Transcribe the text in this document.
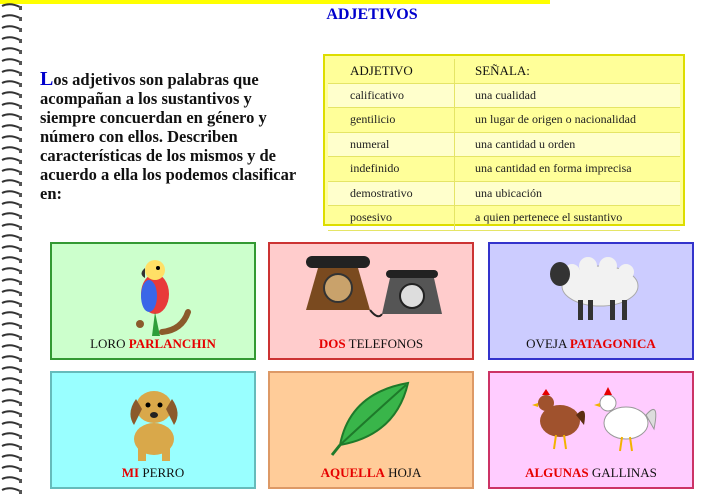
ADJETIVOS
Los adjetivos son palabras que acompañan a los sustantivos y siempre concuerdan en género y número con ellos. Describen características de los mismos y de acuerdo a ella los podemos clasificar en:
ADJETIVO	SEÑALA:
calificativo	una cualidad
gentilicio	un lugar de origen o nacionalidad
numeral	una cantidad u orden
indefinido	una cantidad en forma imprecisa
demostrativo	una ubicación
posesivo	a quien pertenece el sustantivo
LORO PARLANCHIN	DOS TELEFONOS	OVEJA PATAGONICA
MI PERRO	AQUELLA HOJA	ALGUNAS GALLINAS
